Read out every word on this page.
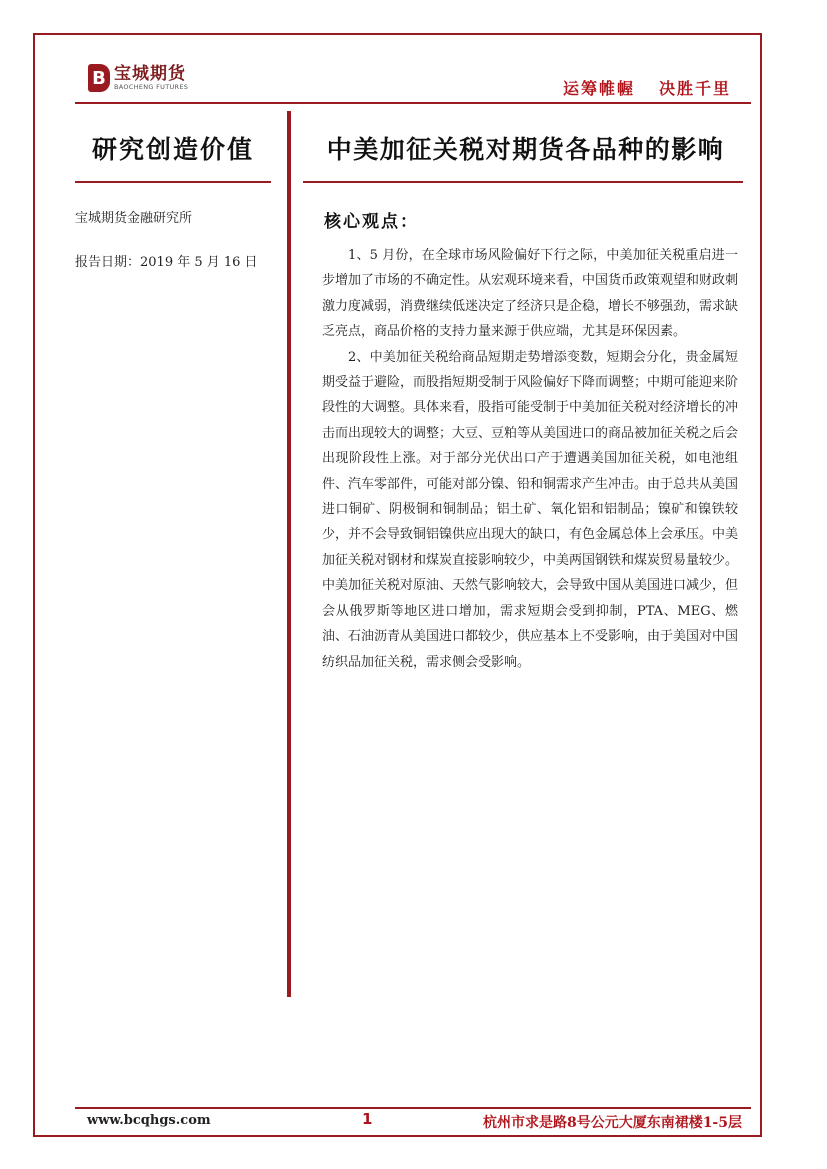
B 宝城期货
BAOCHENG FUTURES	运筹帷幄 决胜千里
研究创造价值
宝城期货金融研究所
报告日期：2019 年 5 月 16 日
中美加征关税对期货各品种的影响
核心观点：

1、5 月份，在全球市场风险偏好下行之际，中美加征关税重启进一步增加了市场的不确定性。从宏观环境来看，中国货币政策观望和财政刺激力度减弱，消费继续低迷决定了经济只是企稳，增长不够强劲，需求缺乏亮点，商品价格的支持力量来源于供应端，尤其是环保因素。

2、中美加征关税给商品短期走势增添变数，短期会分化，贵金属短期受益于避险，而股指短期受制于风险偏好下降而调整；中期可能迎来阶段性的大调整。具体来看，股指可能受制于中美加征关税对经济增长的冲击而出现较大的调整；大豆、豆粕等从美国进口的商品被加征关税之后会出现阶段性上涨。对于部分光伏出口产于遭遇美国加征关税，如电池组件、汽车零部件，可能对部分镍、铅和铜需求产生冲击。由于总共从美国进口铜矿、阴极铜和铜制品；铝土矿、氧化铝和铝制品；镍矿和镍铁较少，并不会导致铜铝镍供应出现大的缺口，有色金属总体上会承压。中美加征关税对钢材和煤炭直接影响较少，中美两国钢铁和煤炭贸易量较少。中美加征关税对原油、天然气影响较大，会导致中国从美国进口减少，但会从俄罗斯等地区进口增加，需求短期会受到抑制，PTA、MEG、燃油、石油沥青从美国进口都较少，供应基本上不受影响，由于美国对中国纺织品加征关税，需求侧会受影响。

www.bcqhgs.com	1	杭州市求是路8号公元大厦东南裙楼1-5层
